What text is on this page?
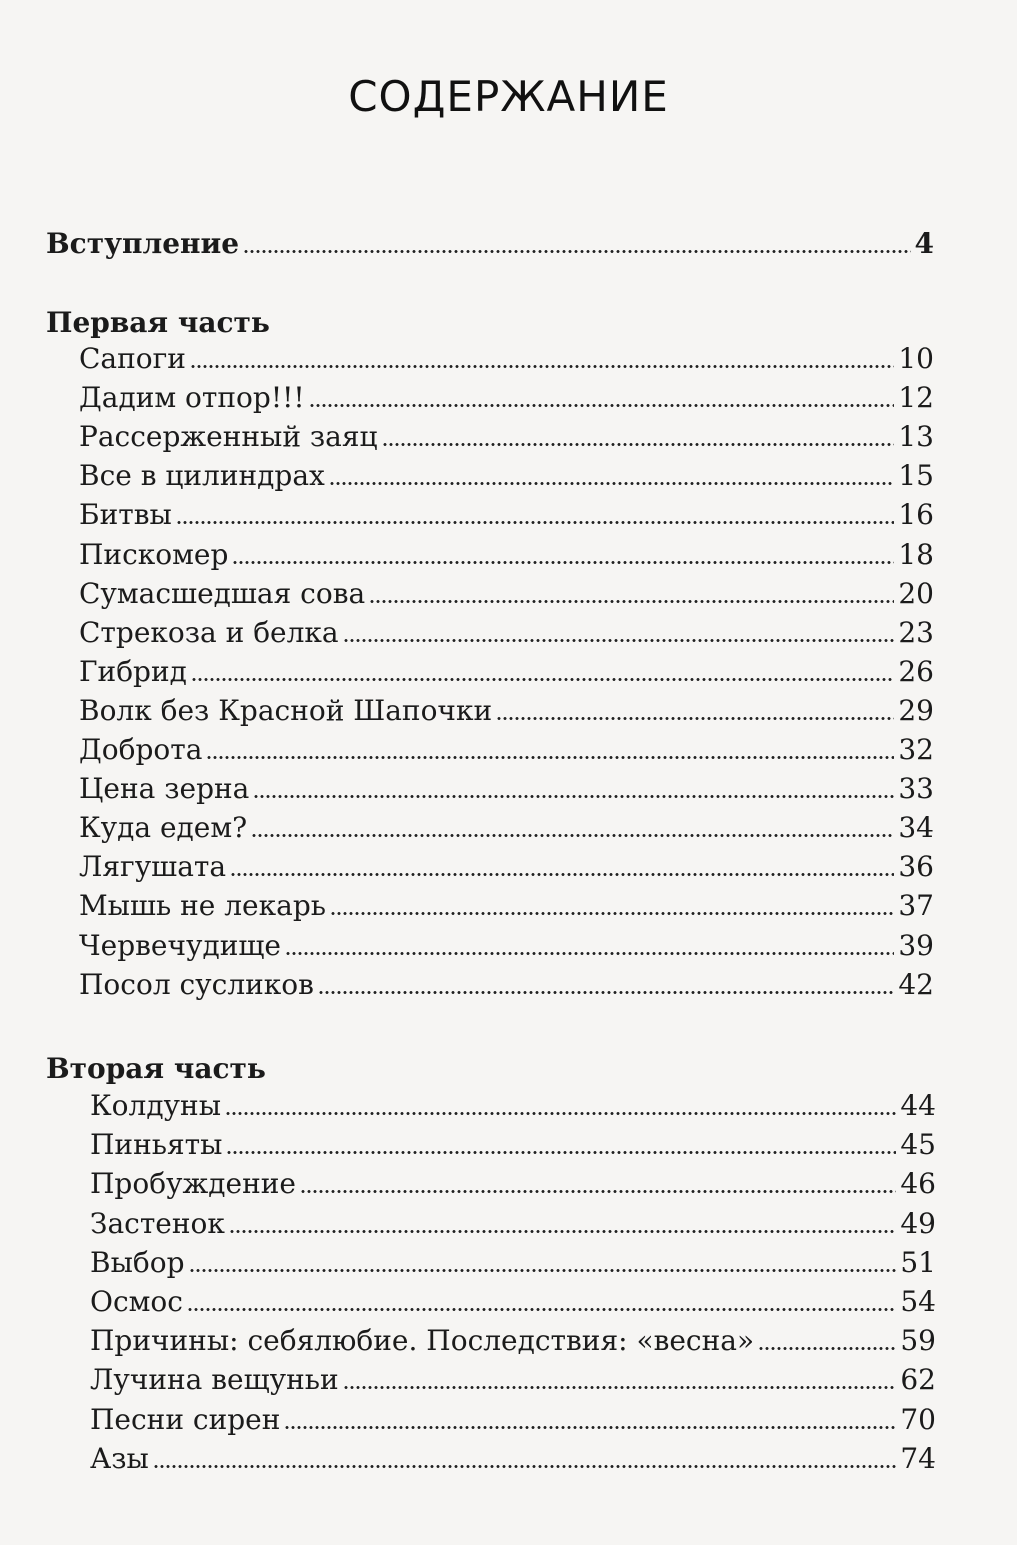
СОДЕРЖАНИЕ
Вступление	4
Первая часть
Сапоги	10
Дадим отпор!!!	12
Рассерженный заяц	13
Все в цилиндрах	15
Битвы	16
Пискомер	18
Сумасшедшая сова	20
Стрекоза и белка	23
Гибрид	26
Волк без Красной Шапочки	29
Доброта	32
Цена зерна	33
Куда едем?	34
Лягушата	36
Мышь не лекарь	37
Червечудище	39
Посол сусликов	42
Вторая часть
Колдуны	44
Пиньяты	45
Пробуждение	46
Застенок	49
Выбор	51
Осмос	54
Причины: себялюбие. Последствия: «весна»	59
Лучина вещуньи	62
Песни сирен	70
Азы	74
